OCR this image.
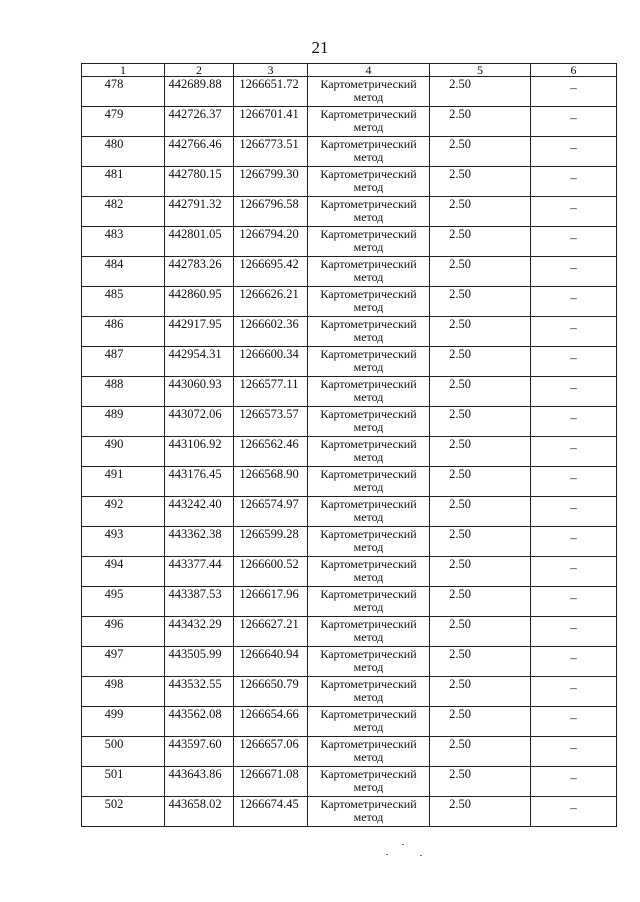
21
1	2	3	4	5	6
478	442689.88	1266651.72	Картометрический метод	2.50	–
479	442726.37	1266701.41	Картометрический метод	2.50	–
480	442766.46	1266773.51	Картометрический метод	2.50	–
481	442780.15	1266799.30	Картометрический метод	2.50	–
482	442791.32	1266796.58	Картометрический метод	2.50	–
483	442801.05	1266794.20	Картометрический метод	2.50	–
484	442783.26	1266695.42	Картометрический метод	2.50	–
485	442860.95	1266626.21	Картометрический метод	2.50	–
486	442917.95	1266602.36	Картометрический метод	2.50	–
487	442954.31	1266600.34	Картометрический метод	2.50	–
488	443060.93	1266577.11	Картометрический метод	2.50	–
489	443072.06	1266573.57	Картометрический метод	2.50	–
490	443106.92	1266562.46	Картометрический метод	2.50	–
491	443176.45	1266568.90	Картометрический метод	2.50	–
492	443242.40	1266574.97	Картометрический метод	2.50	–
493	443362.38	1266599.28	Картометрический метод	2.50	–
494	443377.44	1266600.52	Картометрический метод	2.50	–
495	443387.53	1266617.96	Картометрический метод	2.50	–
496	443432.29	1266627.21	Картометрический метод	2.50	–
497	443505.99	1266640.94	Картометрический метод	2.50	–
498	443532.55	1266650.79	Картометрический метод	2.50	–
499	443562.08	1266654.66	Картометрический метод	2.50	–
500	443597.60	1266657.06	Картометрический метод	2.50	–
501	443643.86	1266671.08	Картометрический метод	2.50	–
502	443658.02	1266674.45	Картометрический метод	2.50	–
